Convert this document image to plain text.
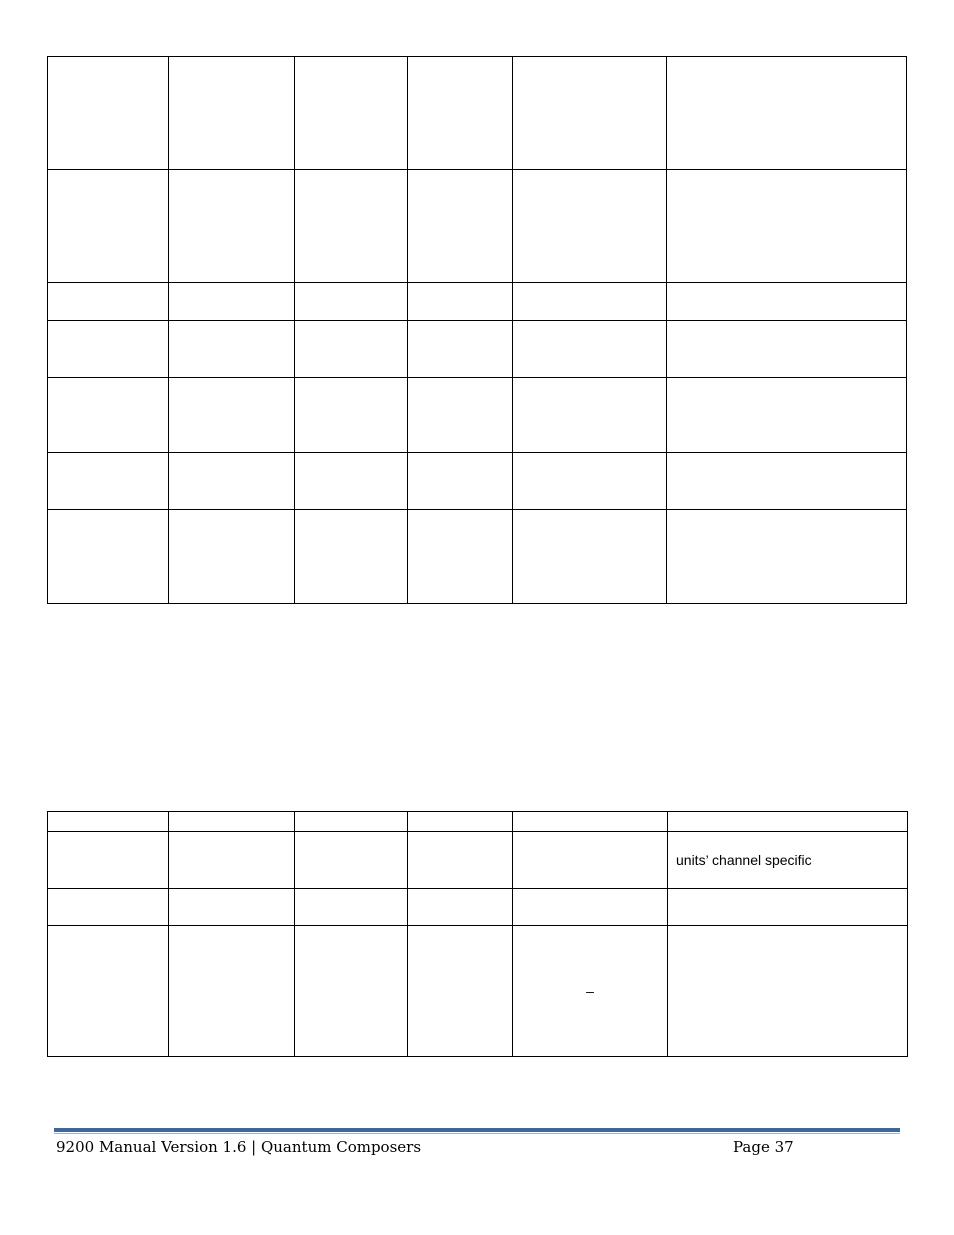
					units’ channel specific

				–	
9200 Manual Version 1.6 | Quantum Composers	Page 37
